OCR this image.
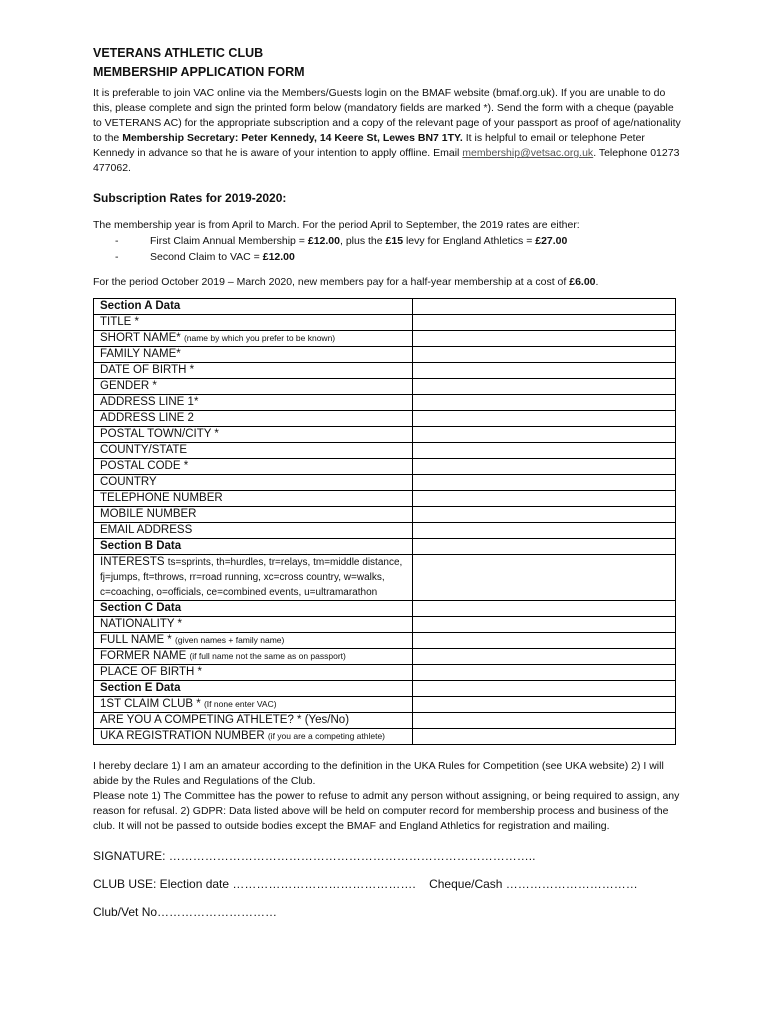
VETERANS ATHLETIC CLUB

MEMBERSHIP APPLICATION FORM

It is preferable to join VAC online via the Members/Guests login on the BMAF website (bmaf.org.uk). If you are unable to do this, please complete and sign the printed form below (mandatory fields are marked *). Send the form with a cheque (payable to VETERANS AC) for the appropriate subscription and a copy of the relevant page of your passport as proof of age/nationality to the Membership Secretary: Peter Kennedy, 14 Keere St, Lewes BN7 1TY. It is helpful to email or telephone Peter Kennedy in advance so that he is aware of your intention to apply offline. Email membership@vetsac.org.uk. Telephone 01273 477062.

Subscription Rates for 2019-2020:

The membership year is from April to March. For the period April to September, the 2019 rates are either:

-	First Claim Annual Membership = £12.00, plus the £15 levy for England Athletics = £27.00
-	Second Claim to VAC = £12.00

For the period October 2019 – March 2020, new members pay for a half-year membership at a cost of £6.00.

Section A Data	
TITLE *	
SHORT NAME* (name by which you prefer to be known)	
FAMILY NAME*	
DATE OF BIRTH *	
GENDER *	
ADDRESS LINE 1*	
ADDRESS LINE 2	
POSTAL TOWN/CITY *	
COUNTY/STATE	
POSTAL CODE *	
COUNTRY	
TELEPHONE NUMBER	
MOBILE NUMBER	
EMAIL ADDRESS	
Section B Data	
INTERESTS ts=sprints, th=hurdles, tr=relays, tm=middle distance, fj=jumps, ft=throws, rr=road running, xc=cross country, w=walks, c=coaching, o=officials, ce=combined events, u=ultramarathon	
Section C Data	
NATIONALITY *	
FULL NAME * (given names + family name)	
FORMER NAME (if full name not the same as on passport)	
PLACE OF BIRTH *	
Section E Data	
1ST CLAIM CLUB * (If none enter VAC)	
ARE YOU A COMPETING ATHLETE? * (Yes/No)	
UKA REGISTRATION NUMBER (if you are a competing athlete)	

I hereby declare 1) I am an amateur according to the definition in the UKA Rules for Competition (see UKA website) 2) I will abide by the Rules and Regulations of the Club.

Please note 1) The Committee has the power to refuse to admit any person without assigning, or being required to assign, any reason for refusal. 2) GDPR: Data listed above will be held on computer record for membership process and business of the club. It will not be passed to outside bodies except the BMAF and England Athletics for registration and mailing.

SIGNATURE: ………………………………………………………………………………..

CLUB USE: Election date ………………………………………. Cheque/Cash ……………………………

Club/Vet No…………………………
